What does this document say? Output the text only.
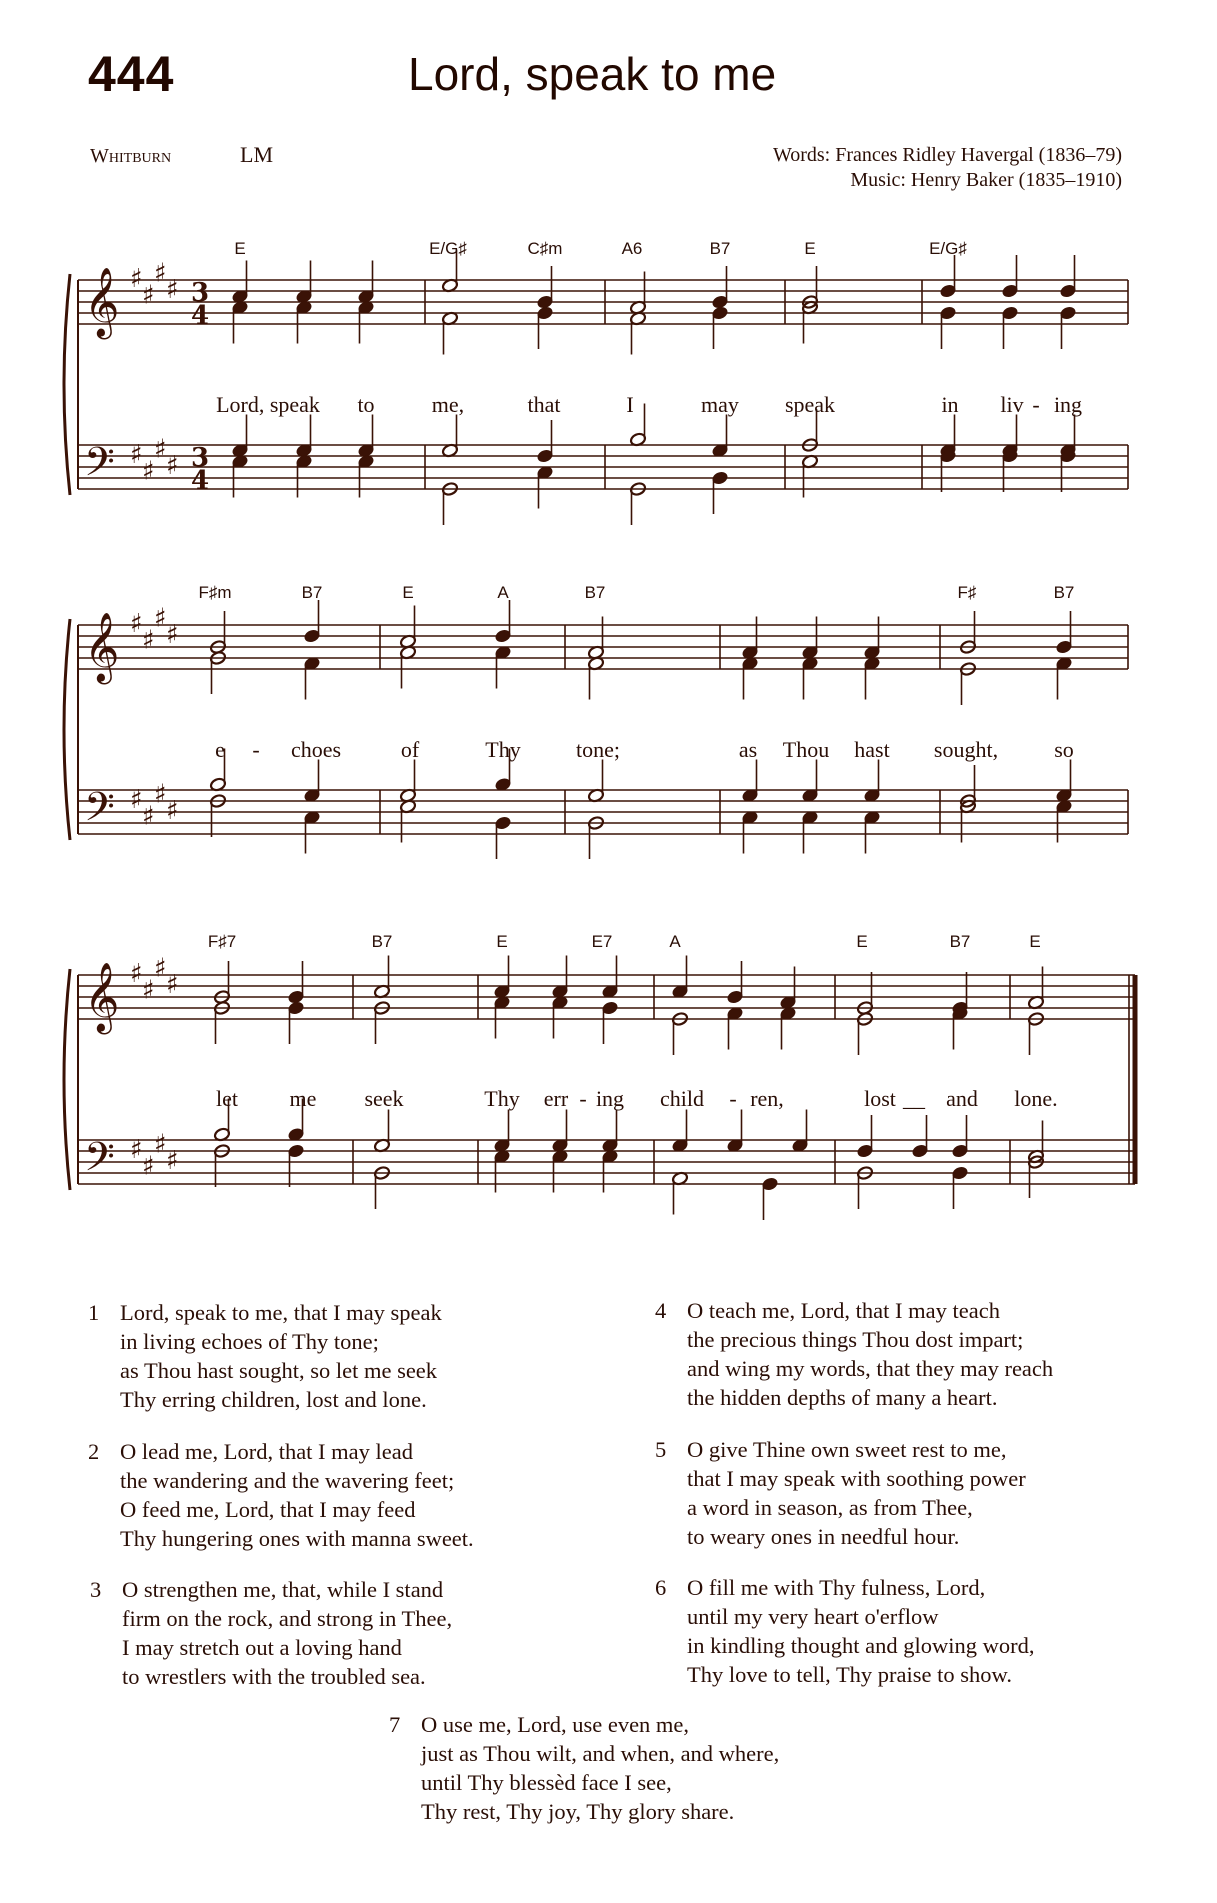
444	Lord, speak to me
Whitburn	LM	Words: Frances Ridley Havergal (1836–79)
Music: Henry Baker (1835–1910)
𝄞
𝄢
♯
♯
♯
♯
♯
♯
♯
♯
3
4
3
4
E	E/G♯	C♯m	A6	B7	E	E/G♯
Lord, speak to	me,	that	I	may speak	in liv - ing
𝄞
𝄢
♯
♯
♯
♯
♯
♯
♯
♯
F♯m	B7	E	A	B7	F♯	B7
e - choes	of	Thy	tone;	as Thou hast sought,	so
𝄞
𝄢
♯
♯
♯
♯
♯
♯
♯
♯
F♯7	B7	E	E7	A	E	B7	E
let me seek	Thy err - ing child - ren,	lost __ and lone.
1 Lord, speak to me, that I may speak
in living echoes of Thy tone;
as Thou hast sought, so let me seek
Thy erring children, lost and lone.
2 O lead me, Lord, that I may lead
the wandering and the wavering feet;
O feed me, Lord, that I may feed
Thy hungering ones with manna sweet.
3 O strengthen me, that, while I stand
firm on the rock, and strong in Thee,
I may stretch out a loving hand
to wrestlers with the troubled sea.
4 O teach me, Lord, that I may teach
the precious things Thou dost impart;
and wing my words, that they may reach
the hidden depths of many a heart.
5 O give Thine own sweet rest to me,
that I may speak with soothing power
a word in season, as from Thee,
to weary ones in needful hour.
6 O fill me with Thy fulness, Lord,
until my very heart o'erflow
in kindling thought and glowing word,
Thy love to tell, Thy praise to show.
7 O use me, Lord, use even me,
just as Thou wilt, and when, and where,
until Thy blessèd face I see,
Thy rest, Thy joy, Thy glory share.
